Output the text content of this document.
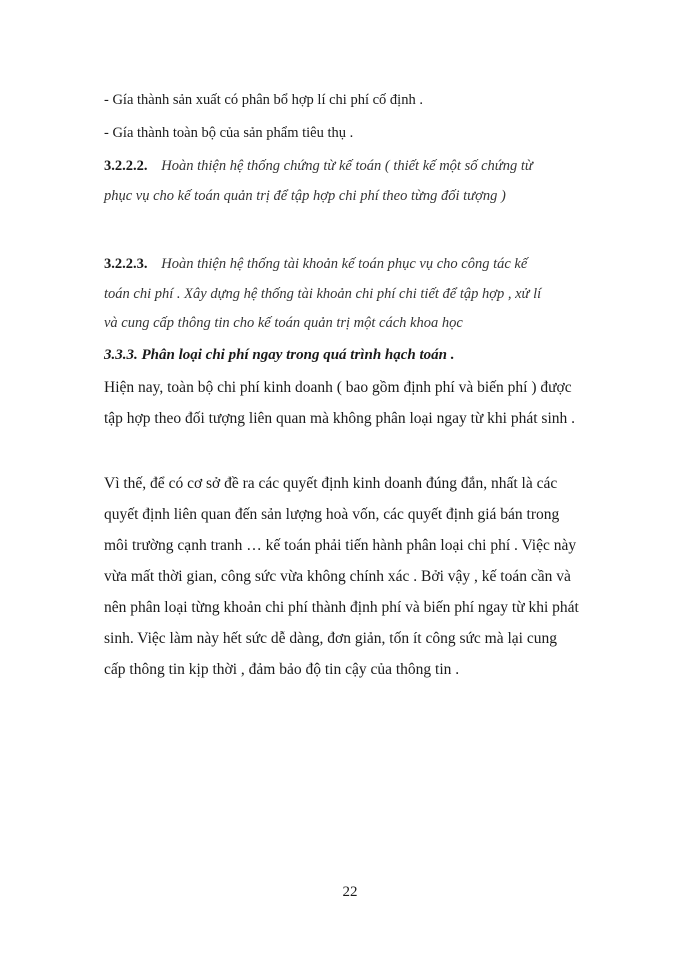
- Gía thành sản xuất có phân bổ hợp lí chi phí cố định .
- Gía thành toàn bộ của sản phẩm tiêu thụ .
3.2.2.2. Hoàn thiện hệ thống chứng từ kế toán ( thiết kế một số chứng từ
phục vụ cho kế toán quản trị để tập hợp chi phí theo từng đối tượng )
3.2.2.3. Hoàn thiện hệ thống tài khoản kế toán phục vụ cho công tác kế
toán chi phí . Xây dựng hệ thống tài khoản chi phí chi tiết để tập hợp , xử lí
và cung cấp thông tin cho kế toán quản trị một cách khoa học
3.3.3. Phân loại chi phí ngay trong quá trình hạch toán .
Hiện nay, toàn bộ chi phí kinh doanh ( bao gồm định phí và biến phí ) được
tập hợp theo đối tượng liên quan mà không phân loại ngay từ khi phát sinh .
Vì thế, để có cơ sở đề ra các quyết định kinh doanh đúng đắn, nhất là các
quyết định liên quan đến sản lượng hoà vốn, các quyết định giá bán trong
môi trường cạnh tranh … kế toán phải tiến hành phân loại chi phí . Việc này
vừa mất thời gian, công sức vừa không chính xác . Bởi vậy , kế toán cần và
nên phân loại từng khoản chi phí thành định phí và biến phí ngay từ khi phát
sinh. Việc làm này hết sức dễ dàng, đơn giản, tốn ít công sức mà lại cung
cấp thông tin kịp thời , đảm bảo độ tin cậy của thông tin .
22
